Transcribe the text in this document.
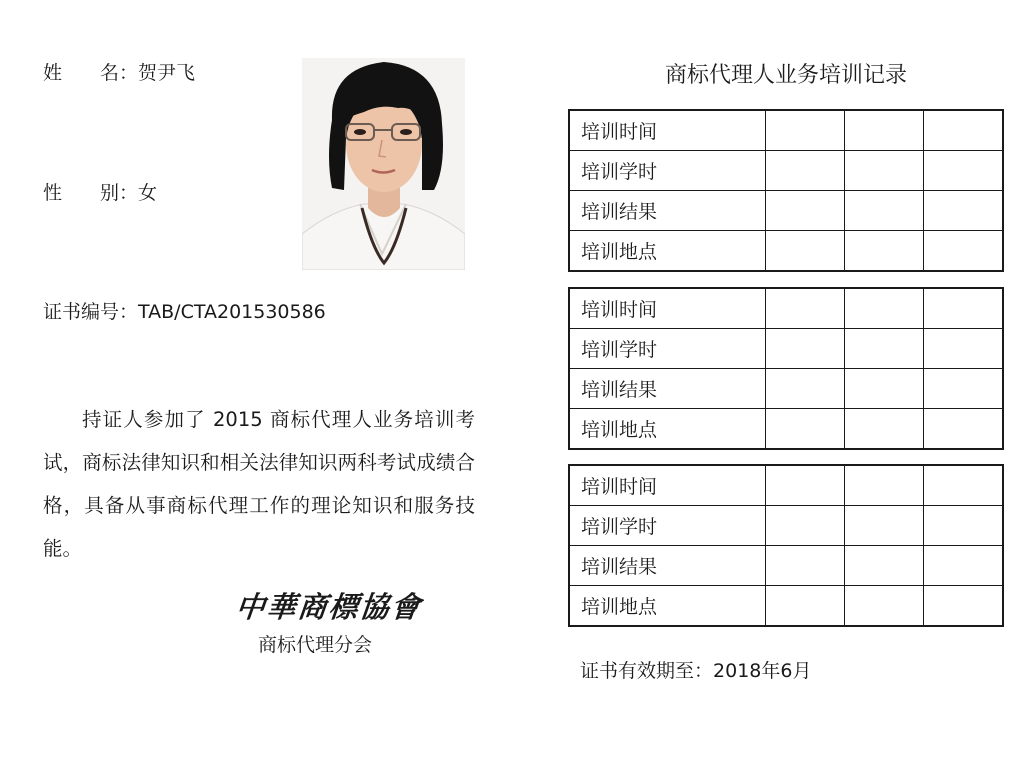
姓　　名：贺尹飞
性　　别：女
证书编号：TAB/CTA201530586
持证人参加了 2015 商标代理人业务培训考试，商标法律知识和相关法律知识两科考试成绩合格，具备从事商标代理工作的理论知识和服务技能。
中華商標協會
商标代理分会
商标代理人业务培训记录
培训时间			
培训学时			
培训结果			
培训地点			
培训时间			
培训学时			
培训结果			
培训地点			
培训时间			
培训学时			
培训结果			
培训地点			
证书有效期至：2018年6月
